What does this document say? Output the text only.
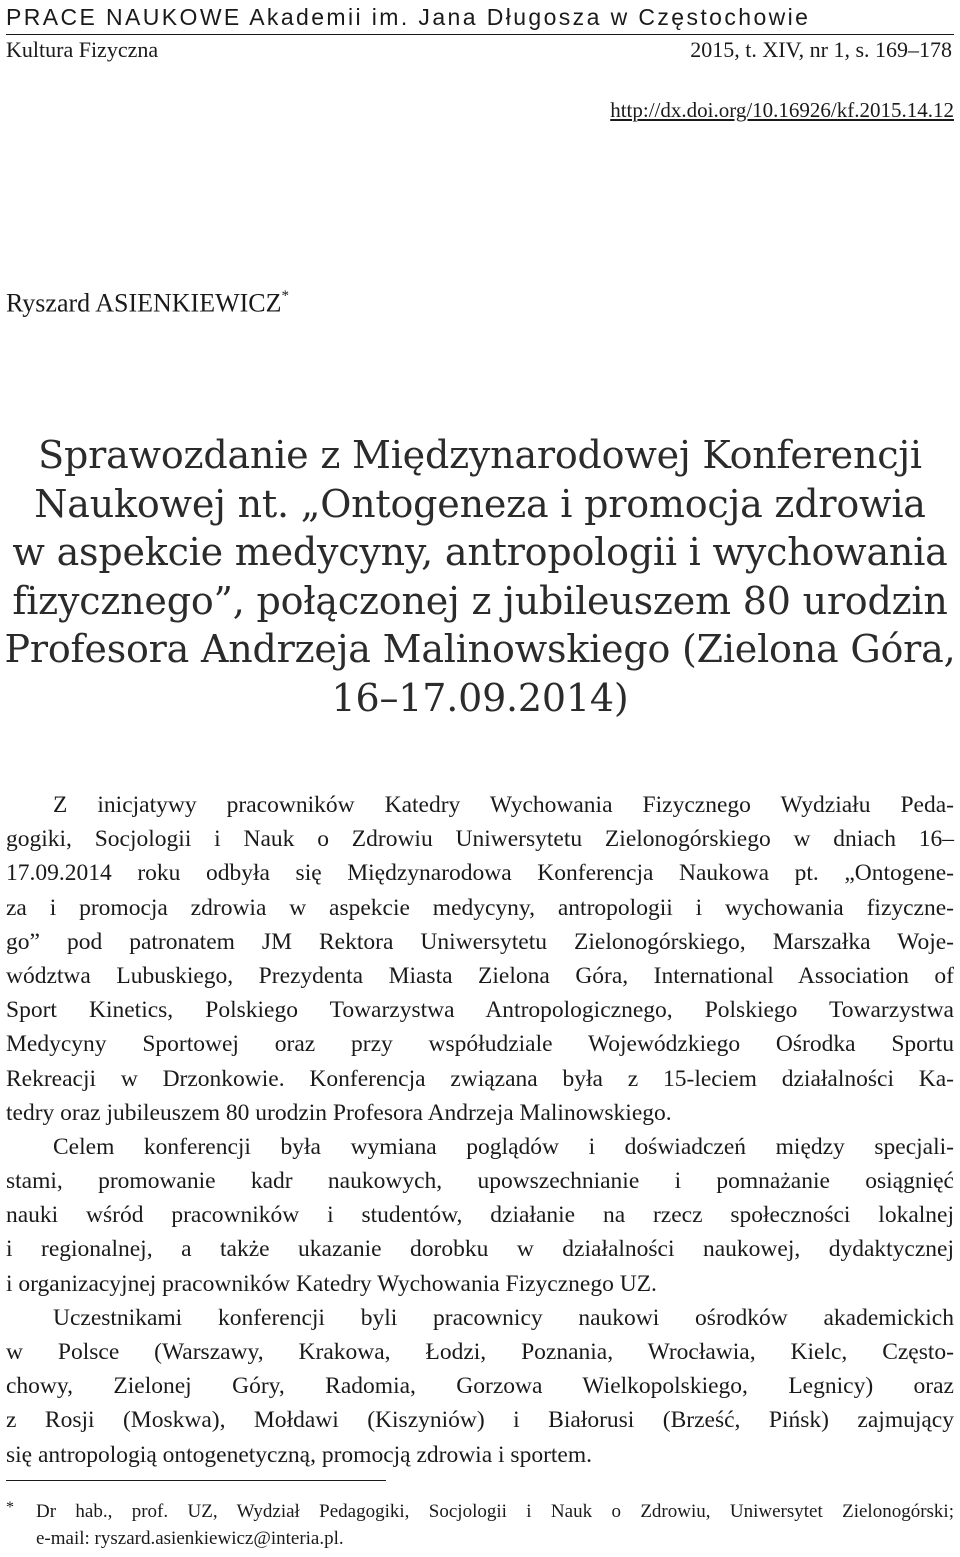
PRACE NAUKOWE Akademii im. Jana Długosza w Częstochowie
Kultura Fizyczna	2015, t. XIV, nr 1, s. 169–178
http://dx.doi.org/10.16926/kf.2015.14.12
Ryszard ASIENKIEWICZ*
Sprawozdanie z Międzynarodowej Konferencji
Naukowej nt. „Ontogeneza i promocja zdrowia
w aspekcie medycyny, antropologii i wychowania
fizycznego”, połączonej z jubileuszem 80 urodzin
Profesora Andrzeja Malinowskiego (Zielona Góra,
16–17.09.2014)
Z inicjatywy pracowników Katedry Wychowania Fizycznego Wydziału Peda-
gogiki, Socjologii i Nauk o Zdrowiu Uniwersytetu Zielonogórskiego w dniach 16–
17.09.2014 roku odbyła się Międzynarodowa Konferencja Naukowa pt. „Ontogene-
za i promocja zdrowia w aspekcie medycyny, antropologii i wychowania fizyczne-
go” pod patronatem JM Rektora Uniwersytetu Zielonogórskiego, Marszałka Woje-
wództwa Lubuskiego, Prezydenta Miasta Zielona Góra, International Association of
Sport Kinetics, Polskiego Towarzystwa Antropologicznego, Polskiego Towarzystwa
Medycyny Sportowej oraz przy współudziale Wojewódzkiego Ośrodka Sportu
Rekreacji w Drzonkowie. Konferencja związana była z 15-leciem działalności Ka-
tedry oraz jubileuszem 80 urodzin Profesora Andrzeja Malinowskiego.
Celem konferencji była wymiana poglądów i doświadczeń między specjali-
stami, promowanie kadr naukowych, upowszechnianie i pomnażanie osiągnięć
nauki wśród pracowników i studentów, działanie na rzecz społeczności lokalnej
i regionalnej, a także ukazanie dorobku w działalności naukowej, dydaktycznej
i organizacyjnej pracowników Katedry Wychowania Fizycznego UZ.
Uczestnikami konferencji byli pracownicy naukowi ośrodków akademickich
w Polsce (Warszawy, Krakowa, Łodzi, Poznania, Wrocławia, Kielc, Często-
chowy, Zielonej Góry, Radomia, Gorzowa Wielkopolskiego, Legnicy) oraz
z Rosji (Moskwa), Mołdawi (Kiszyniów) i Białorusi (Brześć, Pińsk) zajmujący
się antropologią ontogenetyczną, promocją zdrowia i sportem.
* Dr hab., prof. UZ, Wydział Pedagogiki, Socjologii i Nauk o Zdrowiu, Uniwersytet Zielonogórski;
e-mail: ryszard.asienkiewicz@interia.pl.
